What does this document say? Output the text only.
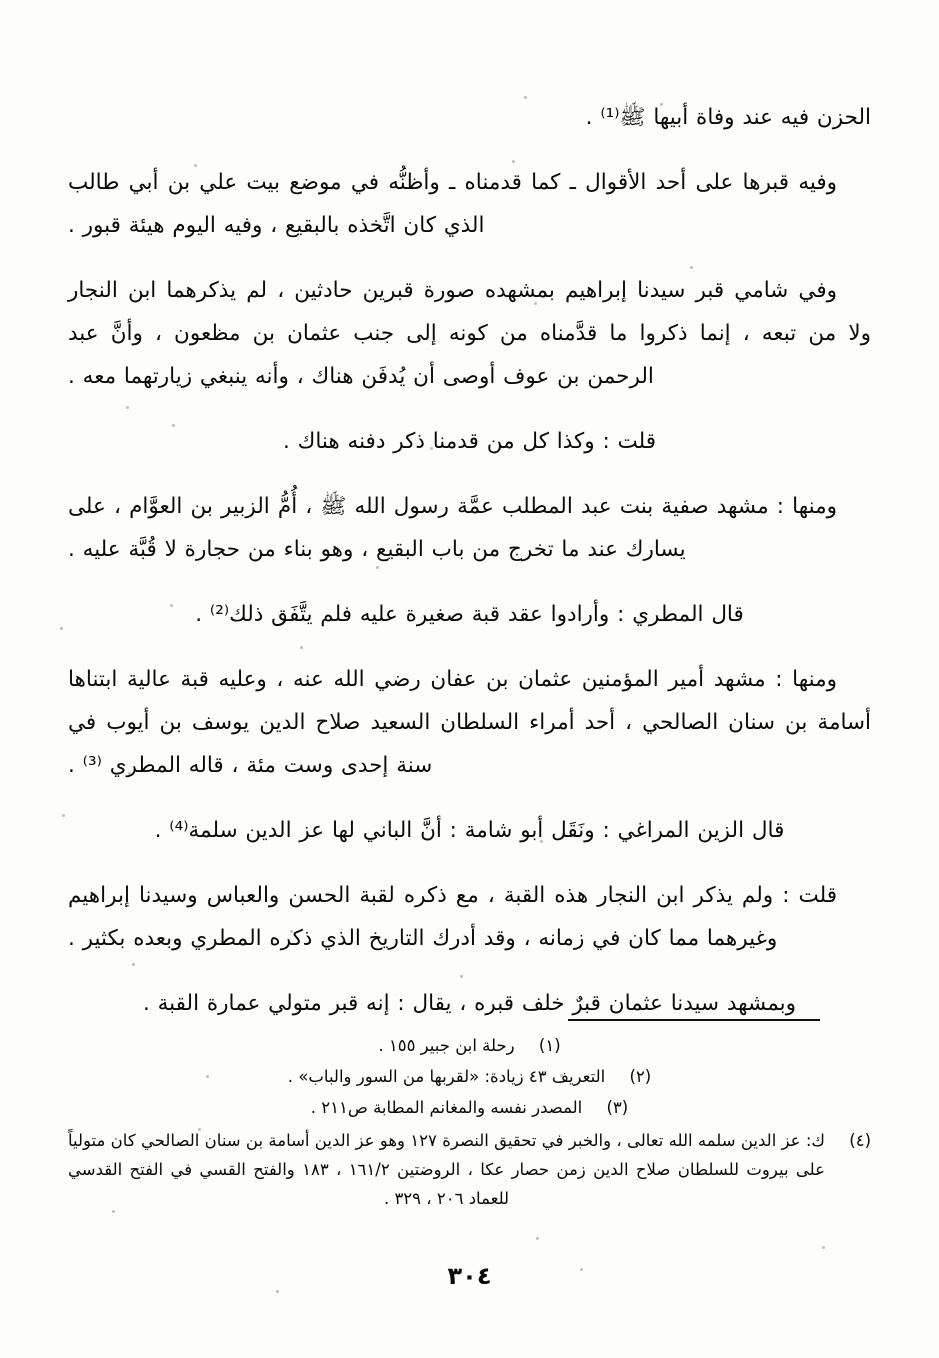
الحزن فيه عند وفاة أبيها ﷺ⁽¹⁾ .

وفيه قبرها على أحد الأقوال ـ كما قدمناه ـ وأظنُّه في موضع بيت علي بن أبي طالب الذي كان اتَّخذه بالبقيع ، وفيه اليوم هيئة قبور .

وفي شامي قبر سيدنا إبراهيم بمشهده صورة قبرين حادثين ، لم يذكرهما ابن النجار ولا من تبعه ، إنما ذكروا ما قدَّمناه من كونه إلى جنب عثمان بن مظعون ، وأنَّ عبد الرحمن بن عوف أوصى أن يُدفَن هناك ، وأنه ينبغي زيارتهما معه .

قلت : وكذا كل من قدمنا ذكر دفنه هناك .

ومنها : مشهد صفية بنت عبد المطلب عمَّة رسول الله ﷺ ، أُمُّ الزبير بن العوَّام ، على يسارك عند ما تخرج من باب البقيع ، وهو بناء من حجارة لا قُبَّة عليه .

قال المطري : وأرادوا عقد قبة صغيرة عليه فلم يتَّفَق ذلك⁽²⁾ .

ومنها : مشهد أمير المؤمنين عثمان بن عفان رضي الله عنه ، وعليه قبة عالية ابتناها أسامة بن سنان الصالحي ، أحد أمراء السلطان السعيد صلاح الدين يوسف بن أيوب في سنة إحدى وست مئة ، قاله المطري ⁽³⁾ .

قال الزين المراغي : ونَقَل أبو شامة : أنَّ الباني لها عز الدين سلمة⁽⁴⁾ .

قلت : ولم يذكر ابن النجار هذه القبة ، مع ذكره لقبة الحسن والعباس وسيدنا إبراهيم وغيرهما مما كان في زمانه ، وقد أدرك التاريخ الذي ذكره المطري وبعده بكثير .

وبمشهد سيدنا عثمان قبرٌ خلف قبره ، يقال : إنه قبر متولي عمارة القبة .

(١)
رحلة ابن جبير ١٥٥ .
(٢)
التعريف ٤٣ زيادة: «لقربها من السور والباب» .
(٣)
المصدر نفسه والمغانم المطابة ص٢١١ .
(٤)
ك: عز الدين سلمه الله تعالى ، والخبر في تحقيق النصرة ١٢٧ وهو عز الدين أسامة بن سنان الصالحي كان متولياً على بيروت للسلطان صلاح الدين زمن حصار عكا ، الروضتين ١٦١/٢ ، ١٨٣ والفتح القسي في الفتح القدسي للعماد ٢٠٦ ، ٣٢٩ .
٣٠٤
